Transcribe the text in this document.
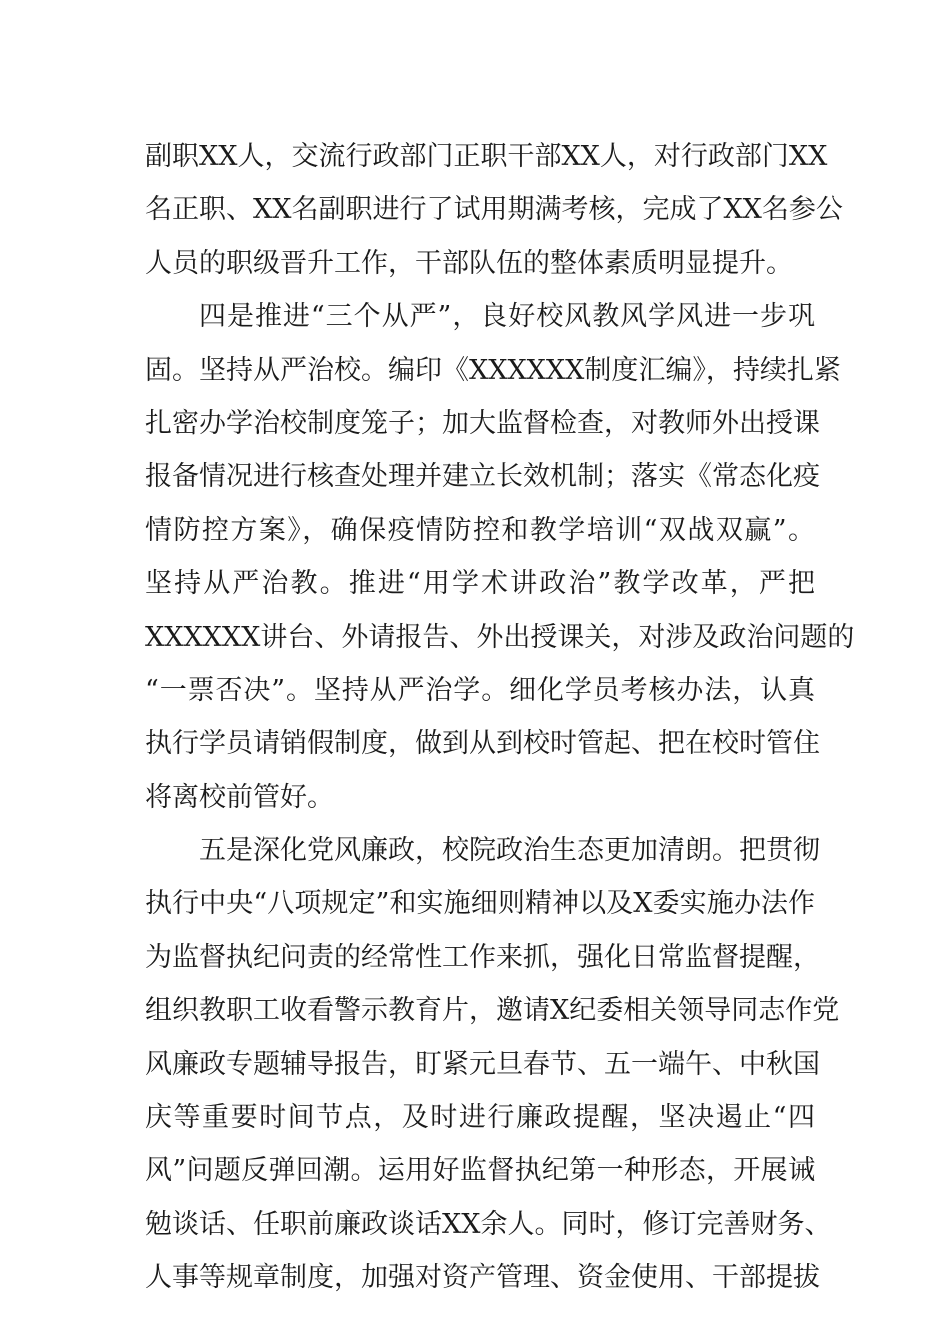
副职XX人，交流行政部门正职干部XX人，对行政部门XX
名正职、XX名副职进行了试用期满考核，完成了XX名参公
人员的职级晋升工作，干部队伍的整体素质明显提升。
四是推进“三个从严”，良好校风教风学风进一步巩
固。坚持从严治校。编印《XXXXXX制度汇编》，持续扎紧
扎密办学治校制度笼子；加大监督检查，对教师外出授课
报备情况进行核查处理并建立长效机制；落实《常态化疫
情防控方案》，确保疫情防控和教学培训“双战双赢”。
坚持从严治教。推进“用学术讲政治”教学改革，严把
XXXXXX讲台、外请报告、外出授课关，对涉及政治问题的
“一票否决”。坚持从严治学。细化学员考核办法，认真
执行学员请销假制度，做到从到校时管起、把在校时管住
将离校前管好。
五是深化党风廉政，校院政治生态更加清朗。把贯彻
执行中央“八项规定”和实施细则精神以及X委实施办法作
为监督执纪问责的经常性工作来抓，强化日常监督提醒，
组织教职工收看警示教育片，邀请X纪委相关领导同志作党
风廉政专题辅导报告，盯紧元旦春节、五一端午、中秋国
庆等重要时间节点，及时进行廉政提醒，坚决遏止“四
风”问题反弹回潮。运用好监督执纪第一种形态，开展诫
勉谈话、任职前廉政谈话XX余人。同时，修订完善财务、
人事等规章制度，加强对资产管理、资金使用、干部提拔
